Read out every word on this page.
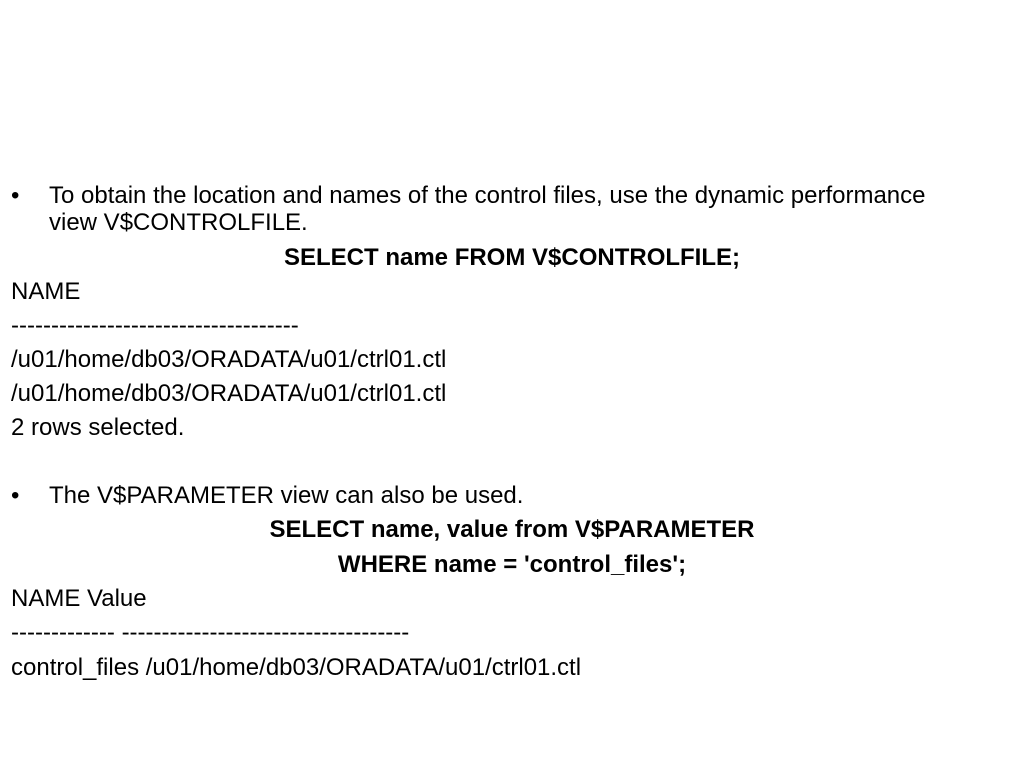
•	To obtain the location and names of the control files, use the dynamic performance view V$CONTROLFILE.
SELECT name FROM V$CONTROLFILE;
NAME
------------------------------------
/u01/home/db03/ORADATA/u01/ctrl01.ctl
/u01/home/db03/ORADATA/u01/ctrl01.ctl
2 rows selected.
•	The V$PARAMETER view can also be used.
SELECT name, value from V$PARAMETER
WHERE name = 'control_files';
NAME Value
------------- ------------------------------------
control_files /u01/home/db03/ORADATA/u01/ctrl01.ctl
